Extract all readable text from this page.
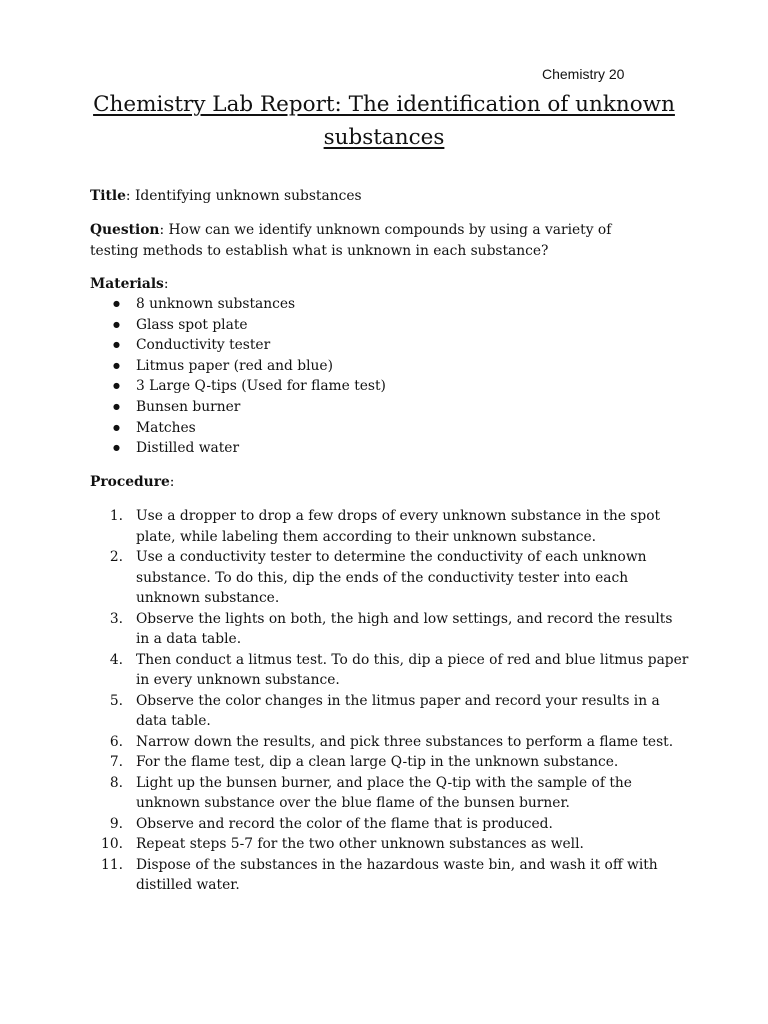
Chemistry 20
Chemistry Lab Report: The identification of unknown substances
Title: Identifying unknown substances
Question: How can we identify unknown compounds by using a variety of testing methods to establish what is unknown in each substance?
Materials:
● 8 unknown substances
● Glass spot plate
● Conductivity tester
● Litmus paper (red and blue)
● 3 Large Q-tips (Used for flame test)
● Bunsen burner
● Matches
● Distilled water
Procedure:
1. Use a dropper to drop a few drops of every unknown substance in the spot plate, while labeling them according to their unknown substance.
2. Use a conductivity tester to determine the conductivity of each unknown substance. To do this, dip the ends of the conductivity tester into each unknown substance.
3. Observe the lights on both, the high and low settings, and record the results in a data table.
4. Then conduct a litmus test. To do this, dip a piece of red and blue litmus paper in every unknown substance.
5. Observe the color changes in the litmus paper and record your results in a data table.
6. Narrow down the results, and pick three substances to perform a flame test.
7. For the flame test, dip a clean large Q-tip in the unknown substance.
8. Light up the bunsen burner, and place the Q-tip with the sample of the unknown substance over the blue flame of the bunsen burner.
9. Observe and record the color of the flame that is produced.
10. Repeat steps 5-7 for the two other unknown substances as well.
11. Dispose of the substances in the hazardous waste bin, and wash it off with distilled water.
